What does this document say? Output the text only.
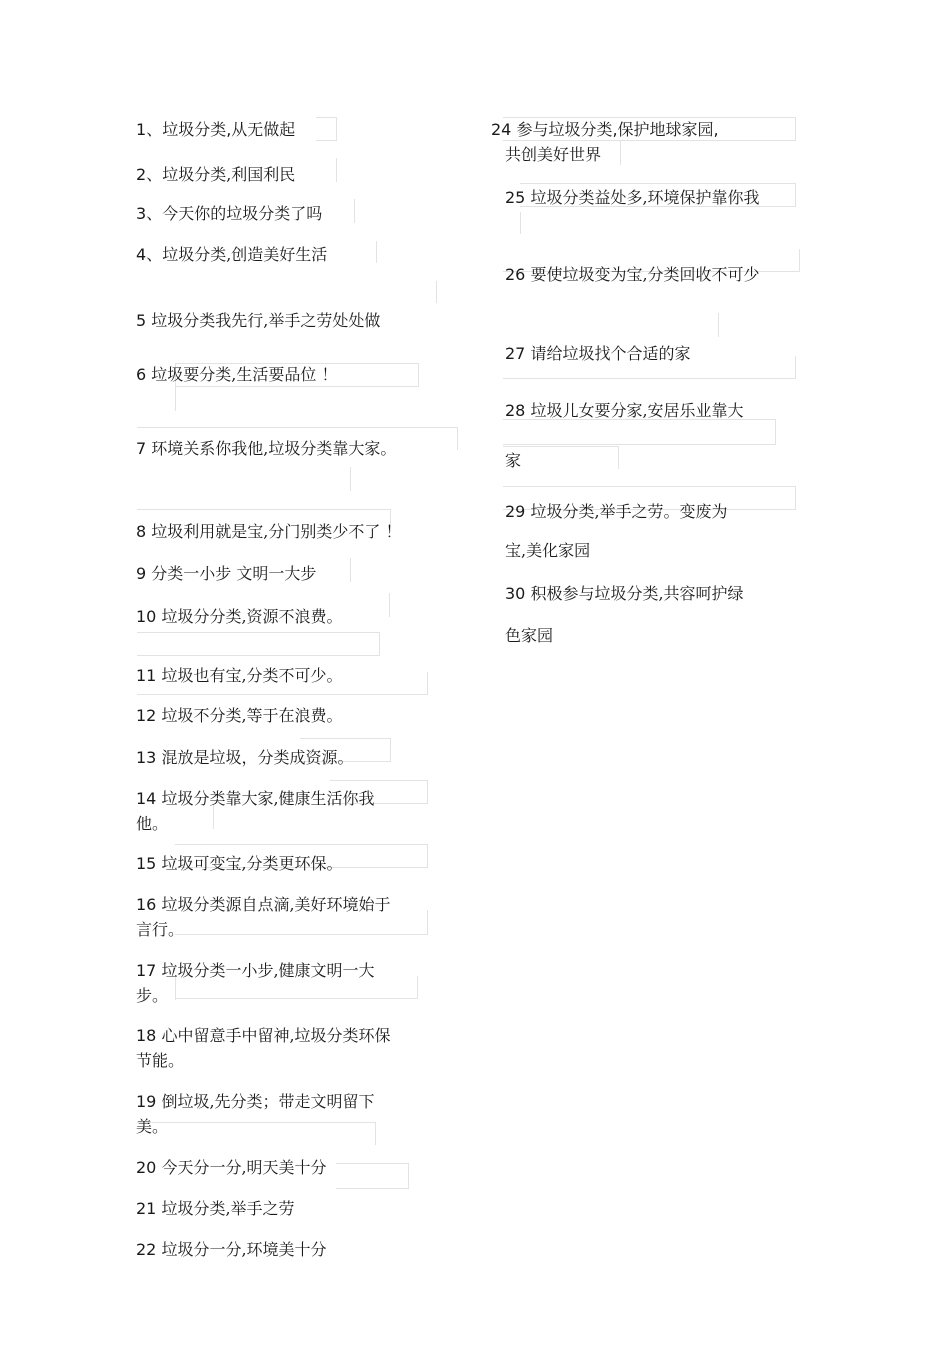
1、垃圾分类,从无做起

2、垃圾分类,利国利民

3、今天你的垃圾分类了吗

4、垃圾分类,创造美好生活

5 垃圾分类我先行,举手之劳处处做

6 垃圾要分类,生活要品位 ！

7 环境关系你我他,垃圾分类靠大家。

8 垃圾利用就是宝,分门别类少不了 ！

9 分类一小步 文明一大步

10 垃圾分分类,资源不浪费。

11 垃圾也有宝,分类不可少。

12 垃圾不分类,等于在浪费。

13 混放是垃圾，分类成资源。

14 垃圾分类靠大家,健康生活你我他。

15 垃圾可变宝,分类更环保。

16 垃圾分类源自点滴,美好环境始于言行。

17 垃圾分类一小步,健康文明一大步。

18 心中留意手中留神,垃圾分类环保节能。

19 倒垃圾,先分类；带走文明留下美。

20 今天分一分,明天美十分

21 垃圾分类,举手之劳

22 垃圾分一分,环境美十分

24 参与垃圾分类,保护地球家园,

共创美好世界

25 垃圾分类益处多,环境保护靠你我

26 要使垃圾变为宝,分类回收不可少

27 请给垃圾找个合适的家

28 垃圾儿女要分家,安居乐业靠大

家

29 垃圾分类,举手之劳。变废为

宝,美化家园

30 积极参与垃圾分类,共容呵护绿

色家园
